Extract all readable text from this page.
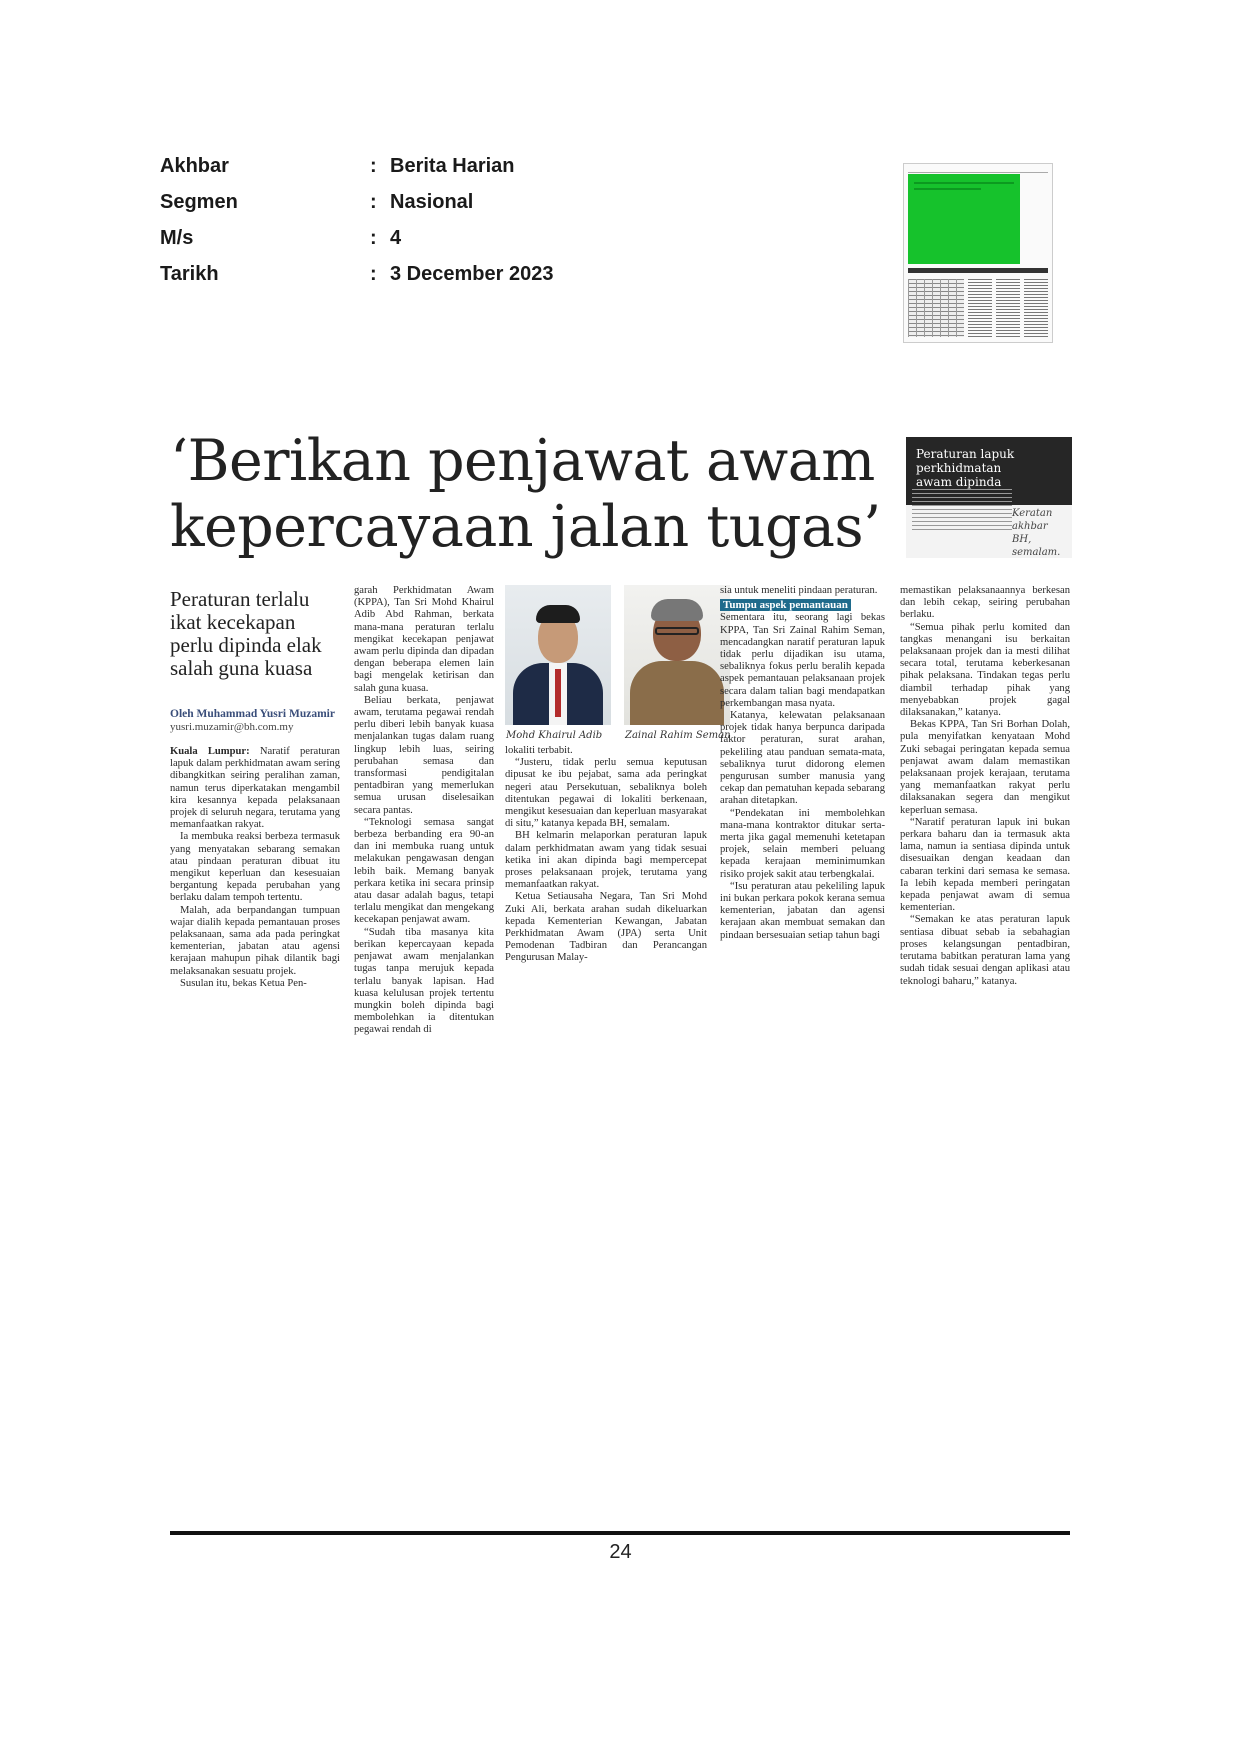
Akhbar	: Berita Harian
Segmen	: Nasional
M/s	: 4
Tarikh	: 3 December 2023
‘Berikan penjawat awam
kepercayaan jalan tugas’
Peraturan lapuk perkhidmatan awam dipinda
Keratan akhbar BH, semalam.
Peraturan terlalu ikat kecekapan perlu dipinda elak salah guna kuasa
Oleh Muhammad Yusri Muzamir
yusri.muzamir@bh.com.my

Kuala Lumpur: Naratif peraturan lapuk dalam perkhidmatan awam sering dibangkitkan seiring peralihan zaman, namun terus diperkatakan mengambil kira kesannya kepada pelaksanaan projek di seluruh negara, terutama yang memanfaatkan rakyat.

Ia membuka reaksi berbeza termasuk yang menyatakan sebarang semakan atau pindaan peraturan dibuat itu mengikut keperluan dan kesesuaian bergantung kepada perubahan yang berlaku dalam tempoh tertentu.

Malah, ada berpandangan tumpuan wajar dialih kepada pemantauan proses pelaksanaan, sama ada pada peringkat kementerian, jabatan atau agensi kerajaan mahupun pihak dilantik bagi melaksanakan sesuatu projek.

Susulan itu, bekas Ketua Pen-

garah Perkhidmatan Awam (KPPA), Tan Sri Mohd Khairul Adib Abd Rahman, berkata mana-mana peraturan terlalu mengikat kecekapan penjawat awam perlu dipinda dan dipadan dengan beberapa elemen lain bagi mengelak ketirisan dan salah guna kuasa.

Beliau berkata, penjawat awam, terutama pegawai rendah perlu diberi lebih banyak kuasa menjalankan tugas dalam ruang lingkup lebih luas, seiring perubahan semasa dan transformasi pendigitalan pentadbiran yang memerlukan semua urusan diselesaikan secara pantas.

“Teknologi semasa sangat berbeza berbanding era 90-an dan ini membuka ruang untuk melakukan pengawasan dengan lebih baik. Memang banyak perkara ketika ini secara prinsip atau dasar adalah bagus, tetapi terlalu mengikat dan mengekang kecekapan penjawat awam.

“Sudah tiba masanya kita berikan kepercayaan kepada penjawat awam menjalankan tugas tanpa merujuk kepada terlalu banyak lapisan. Had kuasa kelulusan projek tertentu mungkin boleh dipinda bagi membolehkan ia ditentukan pegawai rendah di

Mohd Khairul Adib Zainal Rahim Seman

lokaliti terbabit.

“Justeru, tidak perlu semua keputusan dipusat ke ibu pejabat, sama ada peringkat negeri atau Persekutuan, sebaliknya boleh ditentukan pegawai di lokaliti berkenaan, mengikut kesesuaian dan keperluan masyarakat di situ,” katanya kepada BH, semalam.

BH kelmarin melaporkan peraturan lapuk dalam perkhidmatan awam yang tidak sesuai ketika ini akan dipinda bagi mempercepat proses pelaksanaan projek, terutama yang memanfaatkan rakyat.

Ketua Setiausaha Negara, Tan Sri Mohd Zuki Ali, berkata arahan sudah dikeluarkan kepada Kementerian Kewangan, Jabatan Perkhidmatan Awam (JPA) serta Unit Pemodenan Tadbiran dan Perancangan Pengurusan Malay-

sia untuk meneliti pindaan peraturan.

Tumpu aspek pemantauan

Sementara itu, seorang lagi bekas KPPA, Tan Sri Zainal Rahim Seman, mencadangkan naratif peraturan lapuk tidak perlu dijadikan isu utama, sebaliknya fokus perlu beralih kepada aspek pemantauan pelaksanaan projek secara dalam talian bagi mendapatkan perkembangan masa nyata.

Katanya, kelewatan pelaksanaan projek tidak hanya berpunca daripada faktor peraturan, surat arahan, pekeliling atau panduan semata-mata, sebaliknya turut didorong elemen pengurusan sumber manusia yang cekap dan pematuhan kepada sebarang arahan ditetapkan.

“Pendekatan ini membolehkan mana-mana kontraktor ditukar serta-merta jika gagal memenuhi ketetapan projek, selain memberi peluang kepada kerajaan meminimumkan risiko projek sakit atau terbengkalai.

“Isu peraturan atau pekeliling lapuk ini bukan perkara pokok kerana semua kementerian, jabatan dan agensi kerajaan akan membuat semakan dan pindaan bersesuaian setiap tahun bagi

memastikan pelaksanaannya berkesan dan lebih cekap, seiring perubahan berlaku.

“Semua pihak perlu komited dan tangkas menangani isu berkaitan pelaksanaan projek dan ia mesti dilihat secara total, terutama keberkesanan pihak pelaksana. Tindakan tegas perlu diambil terhadap pihak yang menyebabkan projek gagal dilaksanakan,” katanya.

Bekas KPPA, Tan Sri Borhan Dolah, pula menyifatkan kenyataan Mohd Zuki sebagai peringatan kepada semua penjawat awam dalam memastikan pelaksanaan projek kerajaan, terutama yang memanfaatkan rakyat perlu dilaksanakan segera dan mengikut keperluan semasa.

“Naratif peraturan lapuk ini bukan perkara baharu dan ia termasuk akta lama, namun ia sentiasa dipinda untuk disesuaikan dengan keadaan dan cabaran terkini dari semasa ke semasa. Ia lebih kepada memberi peringatan kepada penjawat awam di semua kementerian.

“Semakan ke atas peraturan lapuk sentiasa dibuat sebab ia sebahagian proses kelangsungan pentadbiran, terutama babitkan peraturan lama yang sudah tidak sesuai dengan aplikasi atau teknologi baharu,” katanya.

24
